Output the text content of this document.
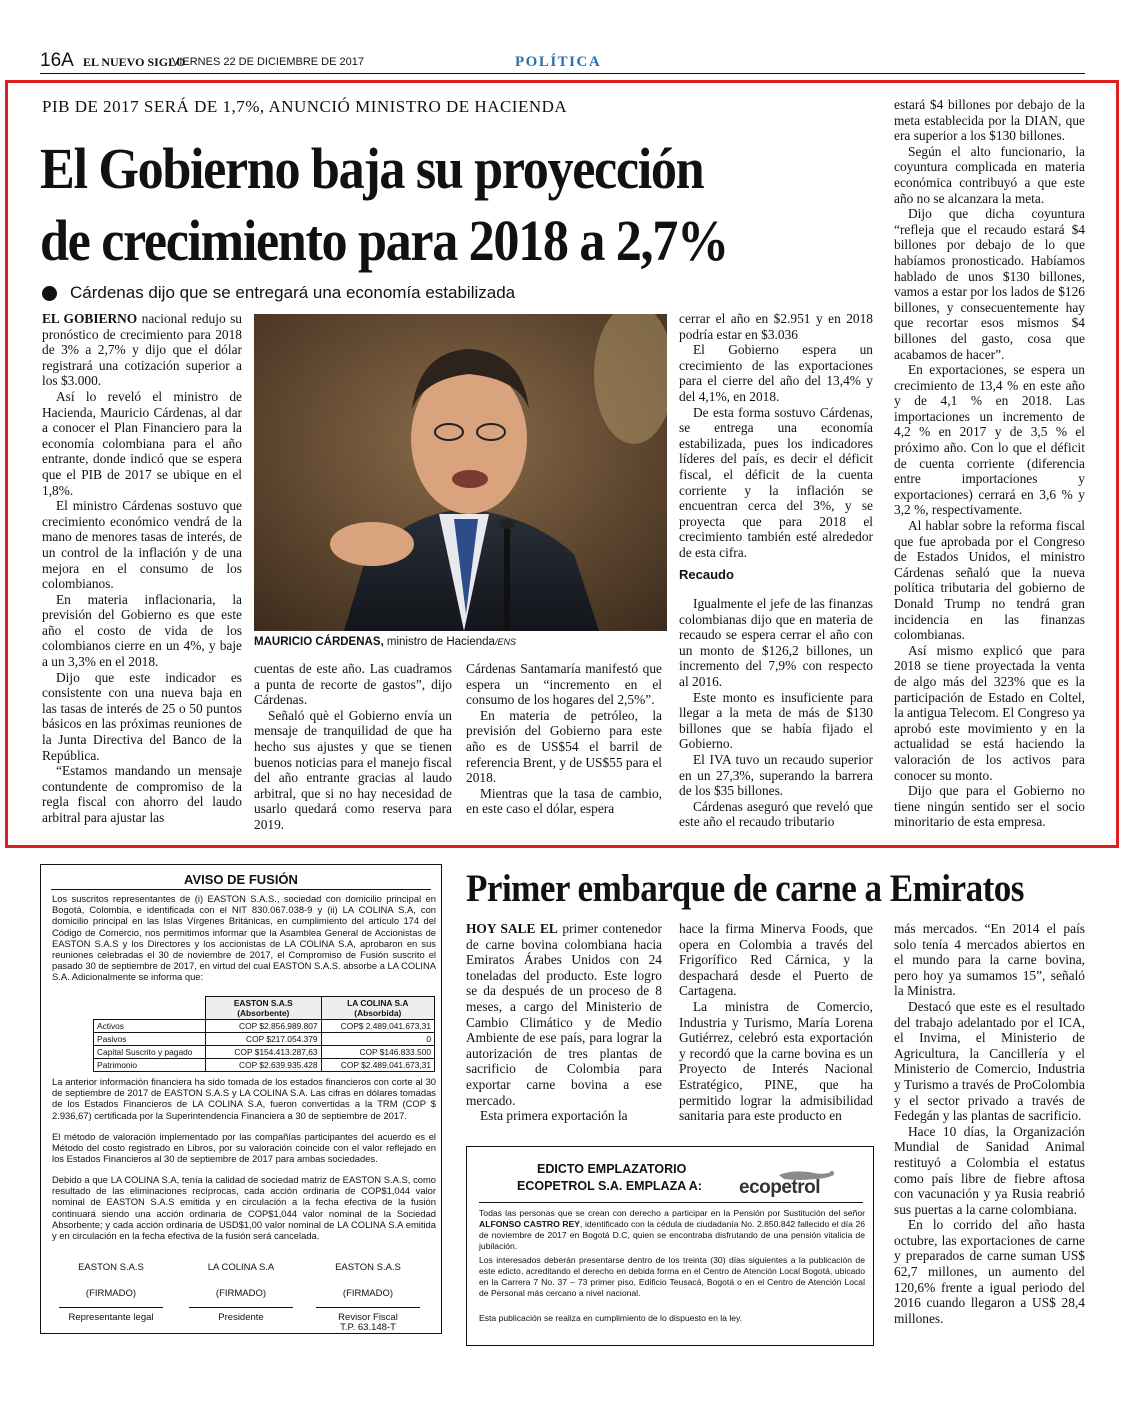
16A EL NUEVO SIGLO
VIERNES 22 DE DICIEMBRE DE 2017	POLÍTICA
PIB DE 2017 SERÁ DE 1,7%, ANUNCIÓ MINISTRO DE HACIENDA
El Gobierno baja su proyección
de crecimiento para 2018 a 2,7%
Cárdenas dijo que se entregará una economía estabilizada

EL GOBIERNO nacional redujo su pronóstico de crecimiento para 2018 de 3% a 2,7% y dijo que el dólar registrará una cotización superior a los $3.000.

Así lo reveló el ministro de Hacienda, Mauricio Cárdenas, al dar a conocer el Plan Financiero para la economía colombiana para el año entrante, donde indicó que se espera que el PIB de 2017 se ubique en el 1,8%.

El ministro Cárdenas sostuvo que crecimiento económico vendrá de la mano de menores tasas de interés, de un control de la inflación y de una mejora en el consumo de los colombianos.

En materia inflacionaria, la previsión del Gobierno es que este año el costo de vida de los colombianos cierre en un 4%, y baje a un 3,3% en el 2018.

Dijo que este indicador es consistente con una nueva baja en las tasas de interés de 25 o 50 puntos básicos en las próximas reuniones de la Junta Directiva del Banco de la República.

“Estamos mandando un mensaje contundente de compromiso de la regla fiscal con ahorro del laudo arbitral para ajustar las

MAURICIO CÁRDENAS, ministro de Hacienda/ENS

cuentas de este año. Las cuadramos a punta de recorte de gastos”, dijo Cárdenas.

Señaló què el Gobierno envía un mensaje de tranquilidad de que ha hecho sus ajustes y que se tienen buenos noticias para el manejo fiscal del año entrante gracias al laudo arbitral, que si no hay necesidad de usarlo quedará como reserva para 2019.

Cárdenas Santamaría manifestó que espera un “incremento en el consumo de los hogares del 2,5%”.

En materia de petróleo, la previsión del Gobierno para este año es de US$54 el barril de referencia Brent, y de US$55 para el 2018.

Mientras que la tasa de cambio, en este caso el dólar, espera

cerrar el año en $2.951 y en 2018 podría estar en $3.036

El Gobierno espera un crecimiento de las exportaciones para el cierre del año del 13,4% y del 4,1%, en 2018.

De esta forma sostuvo Cárdenas, se entrega una economía estabilizada, pues los indicadores líderes del país, es decir el déficit fiscal, el déficit de la cuenta corriente y la inflación se encuentran cerca del 3%, y se proyecta que para 2018 el crecimiento también esté alrededor de esta cifra.

Recaudo

Igualmente el jefe de las finanzas colombianas dijo que en materia de recaudo se espera cerrar el año con un monto de $126,2 billones, un incremento del 7,9% con respecto al 2016.

Este monto es insuficiente para llegar a la meta de más de $130 billones que se había fijado el Gobierno.

El IVA tuvo un recaudo superior en un 27,3%, superando la barrera de los $35 billones.

Cárdenas aseguró que reveló que este año el recaudo tributario

estará $4 billones por debajo de la meta establecida por la DIAN, que era superior a los $130 billones.

Según el alto funcionario, la coyuntura complicada en materia económica contribuyó a que este año no se alcanzara la meta.

Dijo que dicha coyuntura “refleja que el recaudo estará $4 billones por debajo de lo que habíamos pronosticado. Habíamos hablado de unos $130 billones, vamos a estar por los lados de $126 billones, y consecuentemente hay que recortar esos mismos $4 billones del gasto, cosa que acabamos de hacer”.

En exportaciones, se espera un crecimiento de 13,4 % en este año y de 4,1 % en 2018. Las importaciones un incremento de 4,2 % en 2017 y de 3,5 % el próximo año. Con lo que el déficit de cuenta corriente (diferencia entre importaciones y exportaciones) cerrará en 3,6 % y 3,2 %, respectivamente.

Al hablar sobre la reforma fiscal que fue aprobada por el Congreso de Estados Unidos, el ministro Cárdenas señaló que la nueva política tributaria del gobierno de Donald Trump no tendrá gran incidencia en las finanzas colombianas.

Así mismo explicó que para 2018 se tiene proyectada la venta de algo más del 323% que es la participación de Estado en Coltel, la antigua Telecom. El Congreso ya aprobó este movimiento y en la actualidad se está haciendo la valoración de los activos para conocer su monto.

Dijo que para el Gobierno no tiene ningún sentido ser el socio minoritario de esta empresa.

AVISO DE FUSIÓN
Los suscritos representantes de (i) EASTON S.A.S., sociedad con domicilio principal en Bogotá, Colombia, e identificada con el NIT 830.067.038-9 y (ii) LA COLINA S.A, con domicilio principal en las Islas Vírgenes Británicas, en cumplimiento del artículo 174 del Código de Comercio, nos permitimos informar que la Asamblea General de Accionistas de EASTON S.A.S y los Directores y los accionistas de LA COLINA S.A, aprobaron en sus reuniones celebradas el 30 de noviembre de 2017, el Compromiso de Fusión suscrito el pasado 30 de septiembre de 2017, en virtud del cual EASTON S.A.S. absorbe a LA COLINA S.A. Adicionalmente se informa que:
	EASTON S.A.S (Absorbente)	LA COLINA S.A (Absorbida)
Activos	COP $2.856.989.807	COP$ 2.489.041.673,31
Pasivos	COP $217.054.379	0
Capital Suscrito y pagado	COP $154.413.287,63	COP $146.833.500
Patrimonio	COP $2.639.935.428	COP $2.489.041.673,31
La anterior información financiera ha sido tomada de los estados financieros con corte al 30 de septiembre de 2017 de EASTON S.A.S y LA COLINA S.A. Las cifras en dólares tomadas de los Estados Financieros de LA COLINA S.A, fueron convertidas a la TRM (COP $ 2.936,67) certificada por la Superintendencia Financiera a 30 de septiembre de 2017.
El método de valoración implementado por las compañías participantes del acuerdo es el Método del costo registrado en Libros, por su valoración coincide con el valor reflejado en los Estados Financieros al 30 de septiembre de 2017 para ambas sociedades.
Debido a que LA COLINA S.A, tenía la calidad de sociedad matriz de EASTON S.A.S, como resultado de las eliminaciones recíprocas, cada acción ordinaria de COP$1,044 valor nominal de EASTON S.A.S emitida y en circulación a la fecha efectiva de la fusión continuará siendo una acción ordinaria de COP$1,044 valor nominal de la Sociedad Absorbente; y cada acción ordinaria de USD$1,00 valor nominal de LA COLINA S.A emitida y en circulación en la fecha efectiva de la fusión será cancelada.
EASTON S.A.S	LA COLINA S.A	EASTON S.A.S
(FIRMADO)	(FIRMADO)	(FIRMADO)
Representante legal	Presidente	Revisor Fiscal
T.P. 63.148-T
Primer embarque de carne a Emiratos

HOY SALE EL primer contenedor de carne bovina colombiana hacia Emiratos Árabes Unidos con 24 toneladas del producto. Este logro se da después de un proceso de 8 meses, a cargo del Ministerio de Cambio Climático y de Medio Ambiente de ese país, para lograr la autorización de tres plantas de sacrificio de Colombia para exportar carne bovina a ese mercado.

Esta primera exportación la

hace la firma Minerva Foods, que opera en Colombia a través del Frigorífico Red Cárnica, y la despachará desde el Puerto de Cartagena.

La ministra de Comercio, Industria y Turismo, María Lorena Gutiérrez, celebró esta exportación y recordó que la carne bovina es un Proyecto de Interés Nacional Estratégico, PINE, que ha permitido lograr la admisibilidad sanitaria para este producto en

más mercados. “En 2014 el país solo tenía 4 mercados abiertos en el mundo para la carne bovina, pero hoy ya sumamos 15”, señaló la Ministra.

Destacó que este es el resultado del trabajo adelantado por el ICA, el Invima, el Ministerio de Agricultura, la Cancillería y el Ministerio de Comercio, Industria y Turismo a través de ProColombia y el sector privado a través de Fedegán y las plantas de sacrificio.

Hace 10 días, la Organización Mundial de Sanidad Animal restituyó a Colombia el estatus como país libre de fiebre aftosa con vacunación y ya Rusia reabrió sus puertas a la carne colombiana.

En lo corrido del año hasta octubre, las exportaciones de carne y preparados de carne suman US$ 62,7 millones, un aumento del 120,6% frente a igual periodo del 2016 cuando llegaron a US$ 28,4 millones.

EDICTO EMPLAZATORIO
ECOPETROL S.A. EMPLAZA A: ecopetrol
Todas las personas que se crean con derecho a participar en la Pensión por Sustitución del señor ALFONSO CASTRO REY, identificado con la cédula de ciudadanía No. 2.850.842 fallecido el día 26 de noviembre de 2017 en Bogotá D.C, quien se encontraba disfrutando de una pensión vitalicia de jubilación.
Los interesados deberán presentarse dentro de los treinta (30) días siguientes a la publicación de este edicto, acreditando el derecho en debida forma en el Centro de Atención Local Bogotá, ubicado en la Carrera 7 No. 37 – 73 primer piso, Edificio Teusacá, Bogotá o en el Centro de Atención Local de Personal más cercano a nivel nacional.
Esta publicación se realiza en cumplimiento de lo dispuesto en la ley.
